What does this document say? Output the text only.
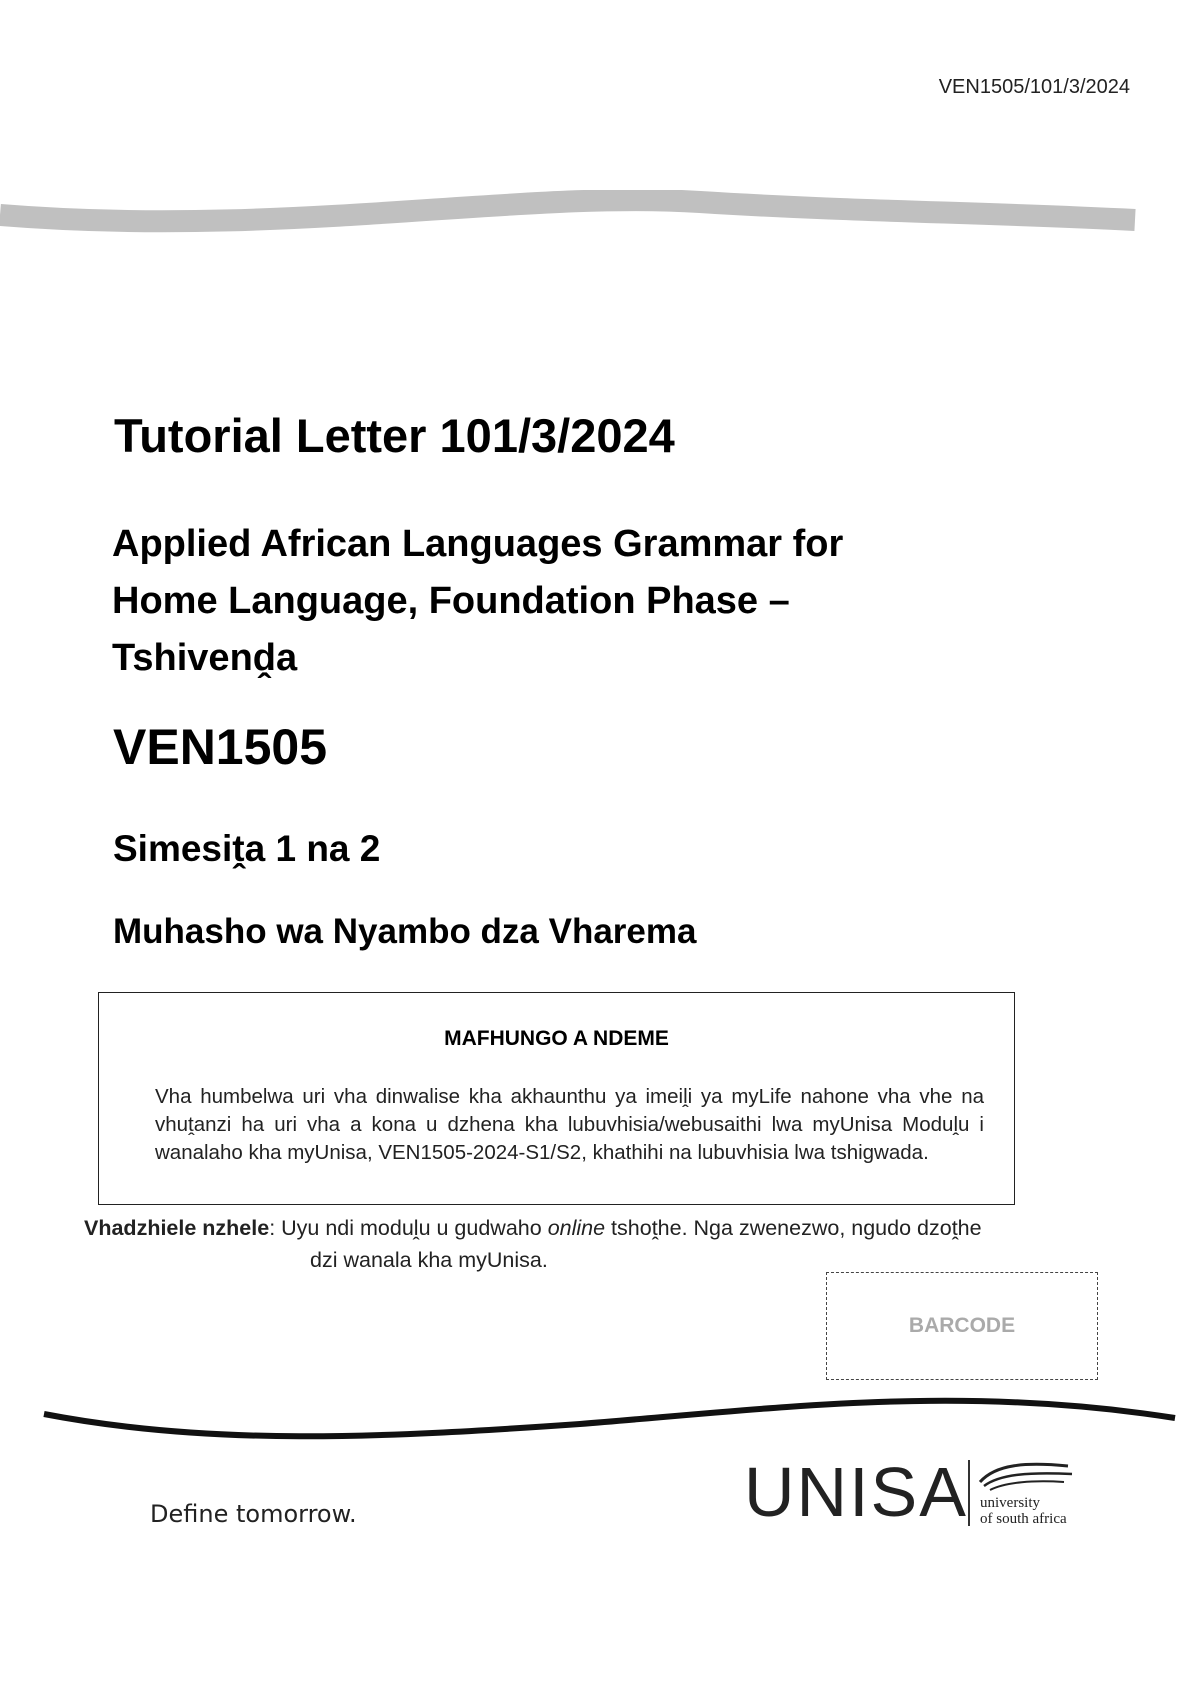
VEN1505/101/3/2024
Tutorial Letter 101/3/2024
Applied African Languages Grammar for
Home Language, Foundation Phase –
Tshivenḓa
VEN1505
Simesiṱa 1 na 2
Muhasho wa Nyambo dza Vharema
MAFHUNGO A NDEME
Vha humbelwa uri vha dinwalise kha akhaunthu ya imeiḽi ya myLife nahone vha vhe na vhuṱanzi ha uri vha a kona u dzhena kha lubuvhisia/webusaithi lwa myUnisa Moduḽu i wanalaho kha myUnisa, VEN1505-2024-S1/S2, khathihi na lubuvhisia lwa tshigwada.
Vhadzhiele nzhele: Uyu ndi moduḽu u gudwaho online tshoṱhe. Nga zwenezwo, ngudo dzoṱhe
dzi wanala kha myUnisa.
BARCODE
Define tomorrow.	UNISA university
of south africa
